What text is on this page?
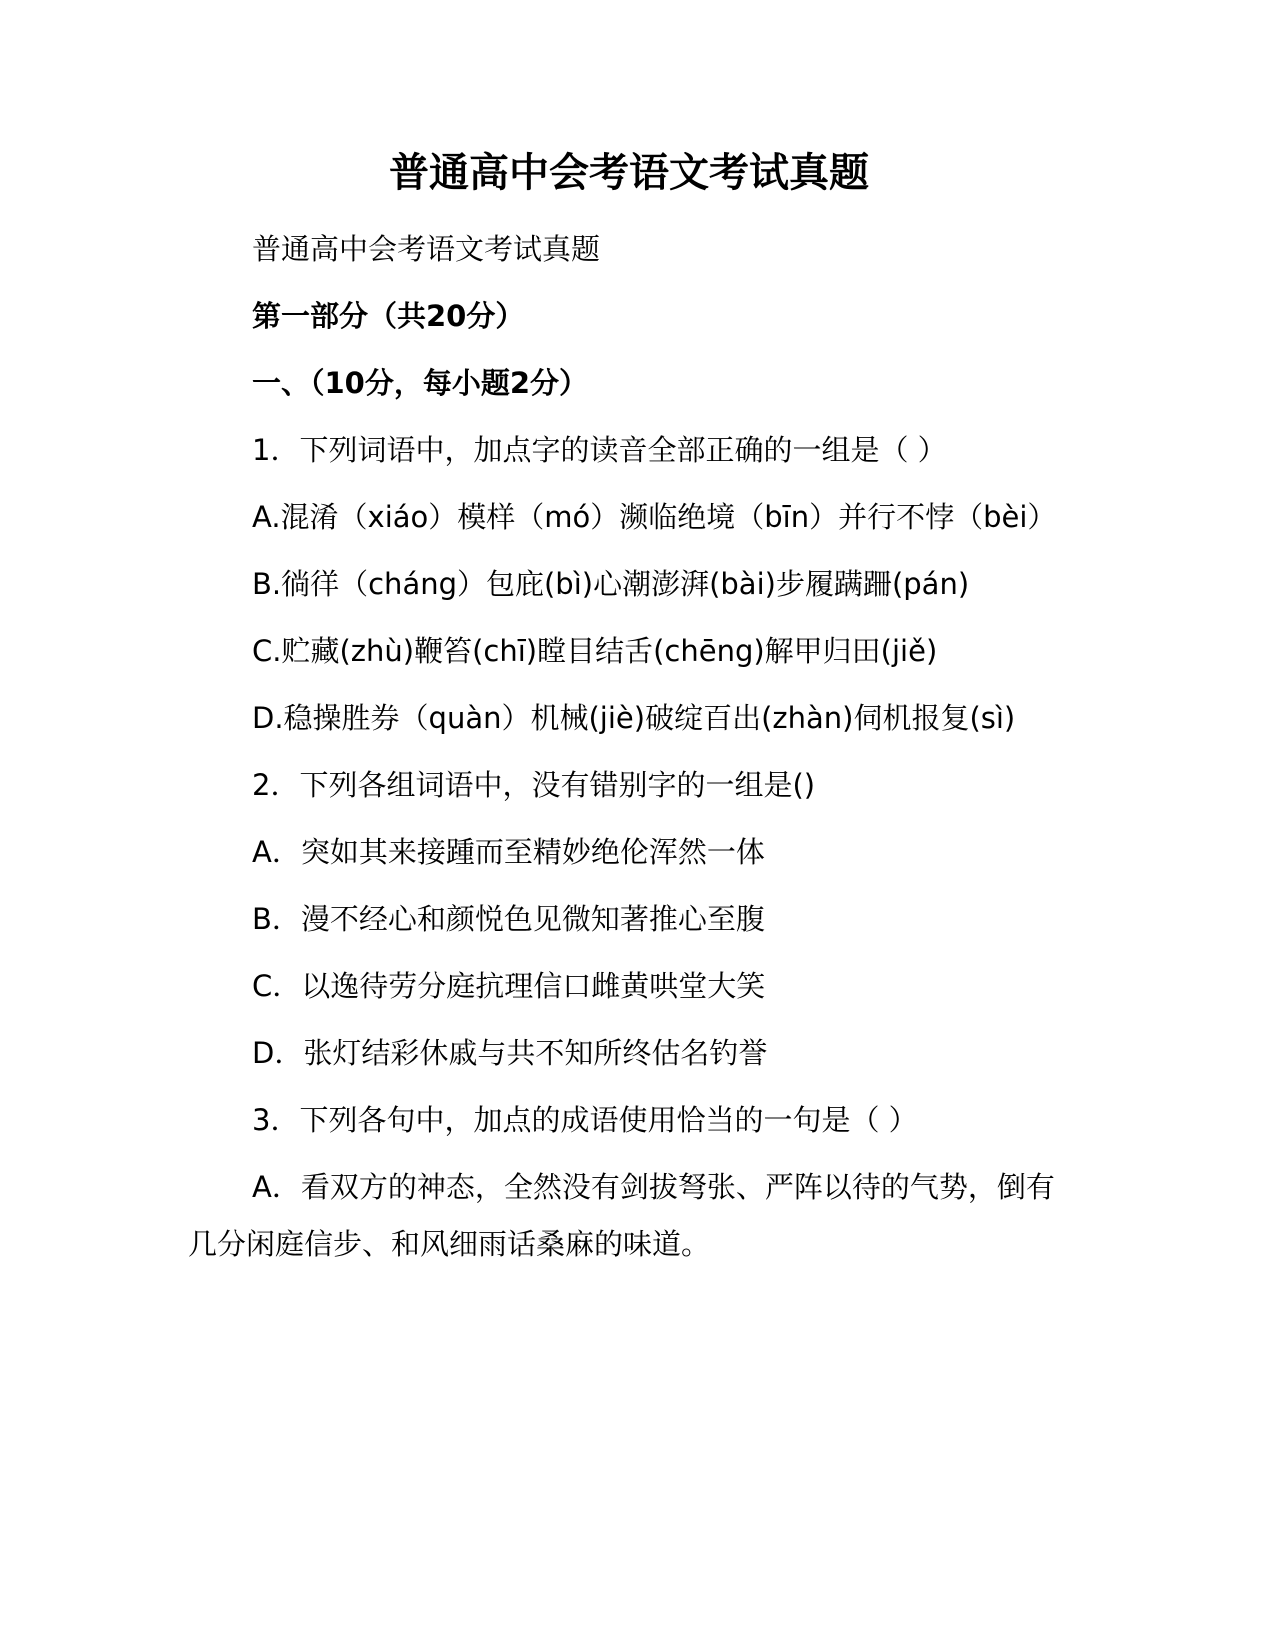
普通高中会考语文考试真题

普通高中会考语文考试真题

第一部分（共20分）

一、（10分，每小题2分）

1．下列词语中，加点字的读音全部正确的一组是（ ）

A.混淆（xiáo）模样（mó）濒临绝境（bīn）并行不悖（bèi）

B.徜徉（cháng）包庇(bì)心潮澎湃(bài)步履蹒跚(pán)

C.贮藏(zhù)鞭笞(chī)瞠目结舌(chēng)解甲归田(jiě)

D.稳操胜券（quàn）机械(jiè)破绽百出(zhàn)伺机报复(sì)

2．下列各组词语中，没有错别字的一组是()

A．突如其来接踵而至精妙绝伦浑然一体

B．漫不经心和颜悦色见微知著推心至腹

C．以逸待劳分庭抗理信口雌黄哄堂大笑

D．张灯结彩休戚与共不知所终估名钓誉

3．下列各句中，加点的成语使用恰当的一句是（ ）

A．看双方的神态，全然没有剑拔弩张、严阵以待的气势，倒有几分闲庭信步、和风细雨话桑麻的味道。
